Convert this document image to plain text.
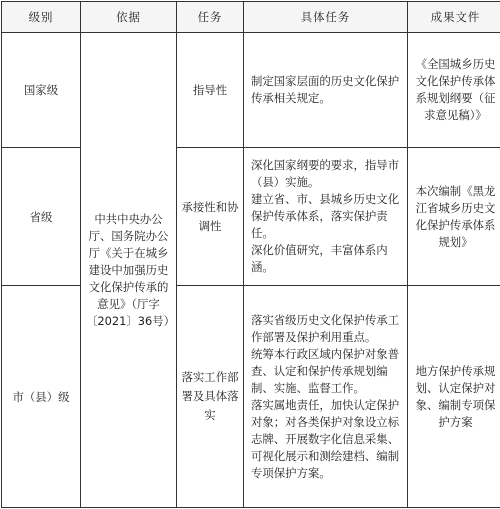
级别	依据	任务	具体任务	成果文件

国家级	中共中央办公厅、国务院办公厅《关于在城乡建设中加强历史文化保护传承的意见》（厅字〔2021〕36号）	指导性	制定国家层面的历史文化保护传承相关规定。	《全国城乡历史文化保护传承体系规划纲要（征求意见稿）》

省级		承接性和协调性	深化国家纲要的要求，指导市（县）实施。
建立省、市、县城乡历史文化保护传承体系，落实保护责任。
深化价值研究，丰富体系内涵。	本次编制《黑龙江省城乡历史文化保护传承体系规划》

市（县）级		落实工作部署及具体落实	落实省级历史文化保护传承工作部署及保护利用重点。
统筹本行政区域内保护对象普查、认定和保护传承规划编制、实施、监督工作。
落实属地责任，加快认定保护对象；对各类保护对象设立标志牌、开展数字化信息采集、可视化展示和测绘建档、编制专项保护方案。	地方保护传承规划、认定保护对象、编制专项保护方案
